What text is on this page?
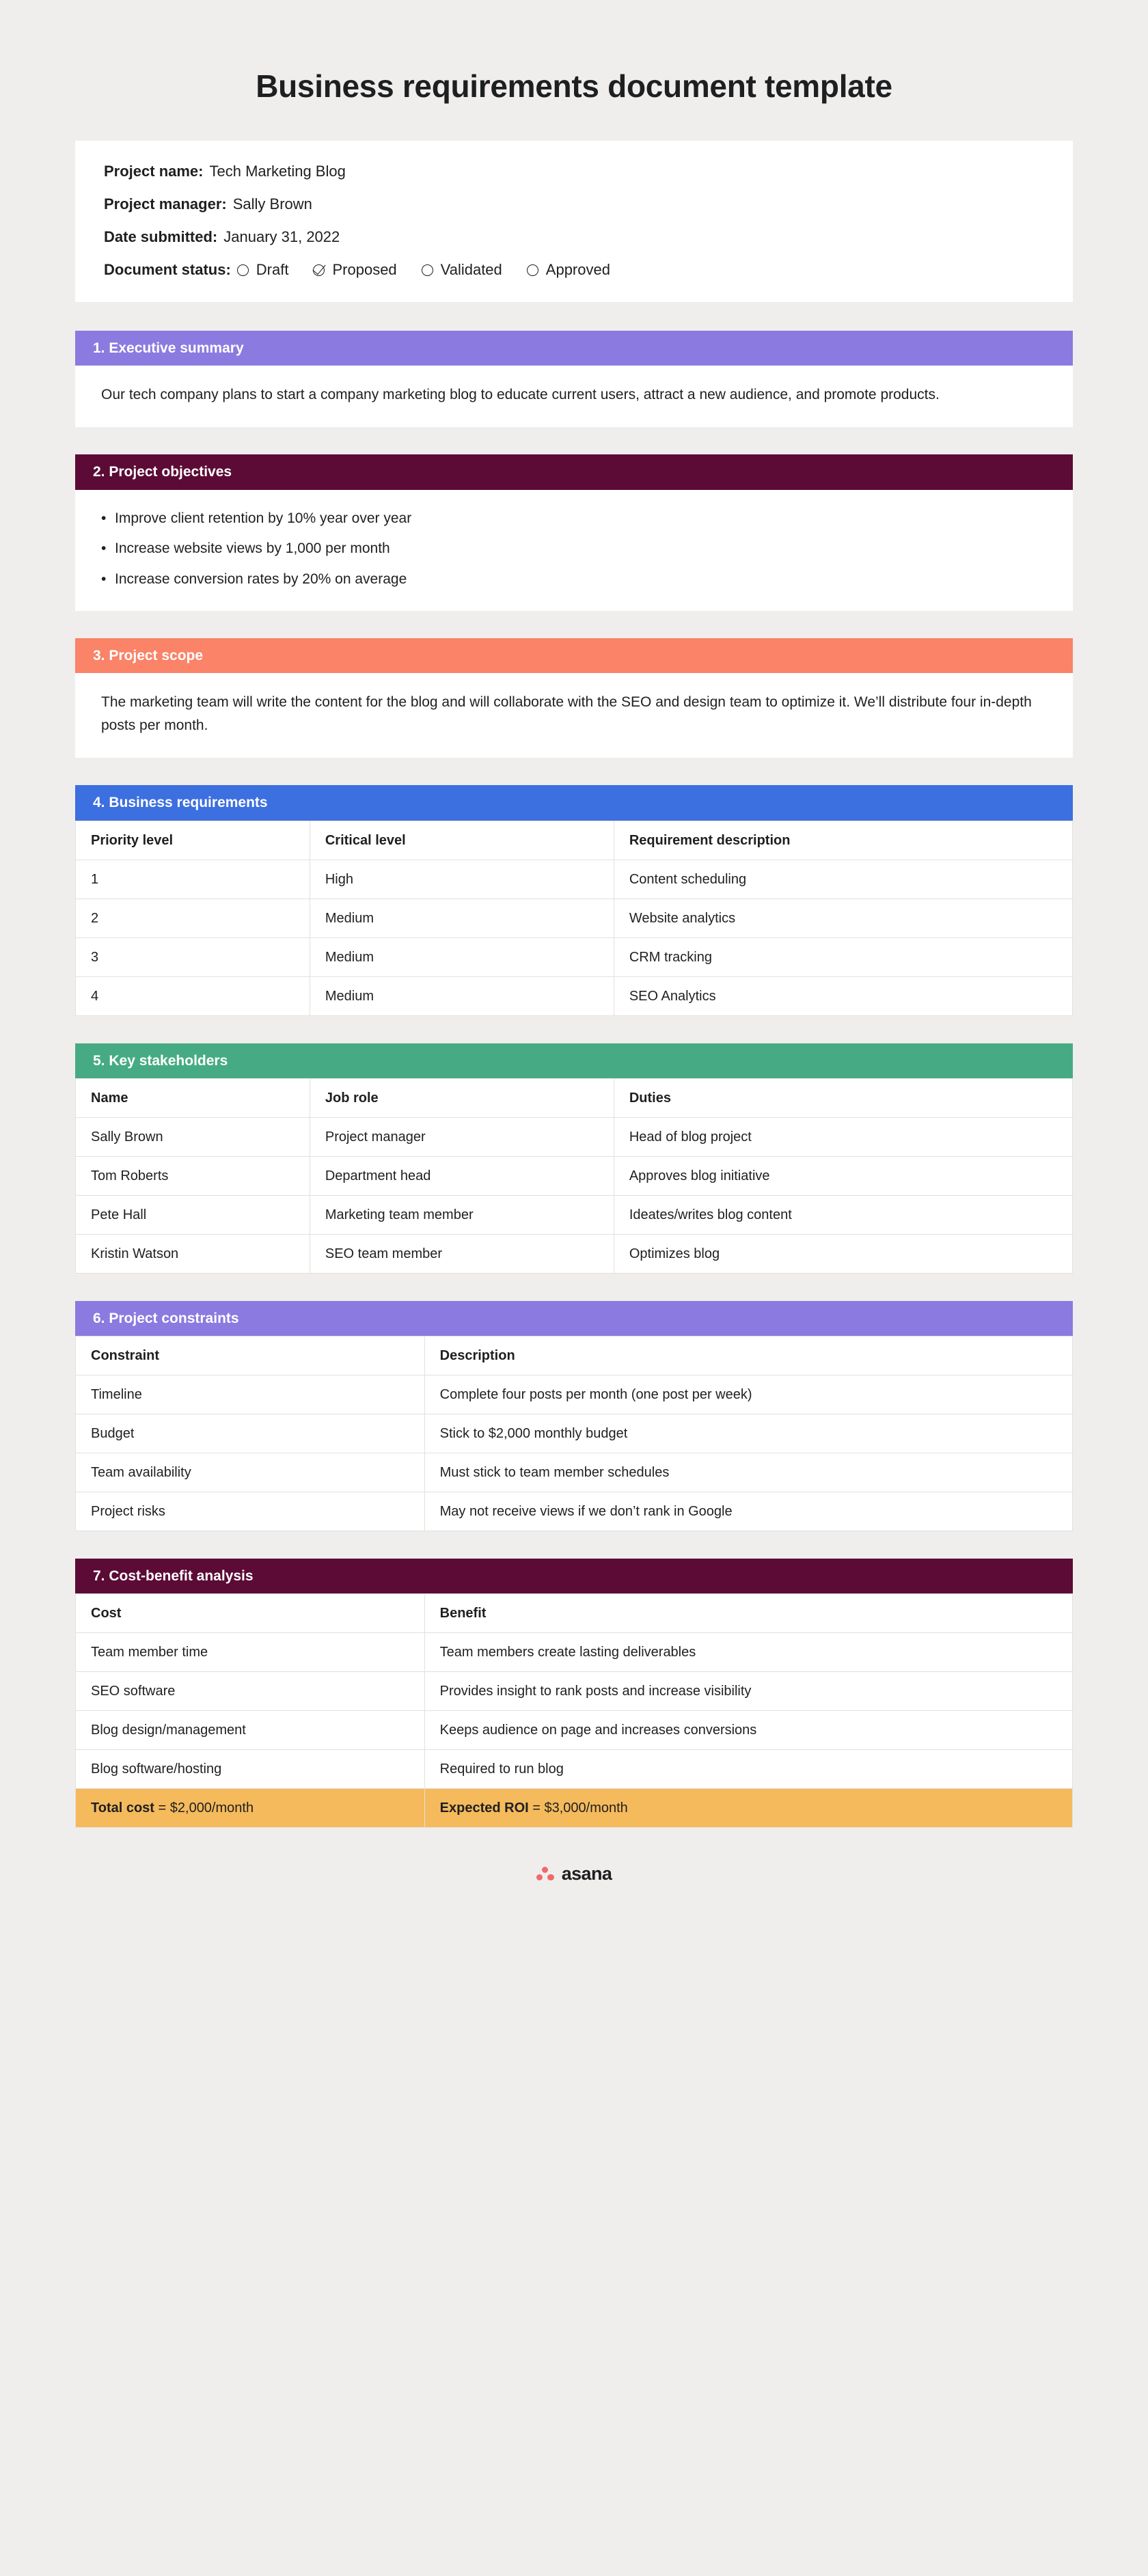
Business requirements document template
Project name: Tech Marketing Blog
Project manager: Sally Brown
Date submitted: January 31, 2022
Document status: Draft	Proposed	Validated	Approved
1. Executive summary

Our tech company plans to start a company marketing blog to educate current users, attract a new audience, and promote products.

2. Project objectives
• Improve client retention by 10% year over year
• Increase website views by 1,000 per month
• Increase conversion rates by 20% on average
3. Project scope

The marketing team will write the content for the blog and will collaborate with the SEO and design team to optimize it. We’ll distribute four in-depth posts per month.

4. Business requirements
Priority level	Critical level	Requirement description
1	High	Content scheduling
2	Medium	Website analytics
3	Medium	CRM tracking
4	Medium	SEO Analytics
5. Key stakeholders
Name	Job role	Duties
Sally Brown	Project manager	Head of blog project
Tom Roberts	Department head	Approves blog initiative
Pete Hall	Marketing team member	Ideates/writes blog content
Kristin Watson	SEO team member	Optimizes blog
6. Project constraints
Constraint	Description
Timeline	Complete four posts per month (one post per week)
Budget	Stick to $2,000 monthly budget
Team availability	Must stick to team member schedules
Project risks	May not receive views if we don’t rank in Google
7. Cost-benefit analysis
Cost	Benefit
Team member time	Team members create lasting deliverables
SEO software	Provides insight to rank posts and increase visibility
Blog design/management	Keeps audience on page and increases conversions
Blog software/hosting	Required to run blog
Total cost = $2,000/month	Expected ROI = $3,000/month
asana
